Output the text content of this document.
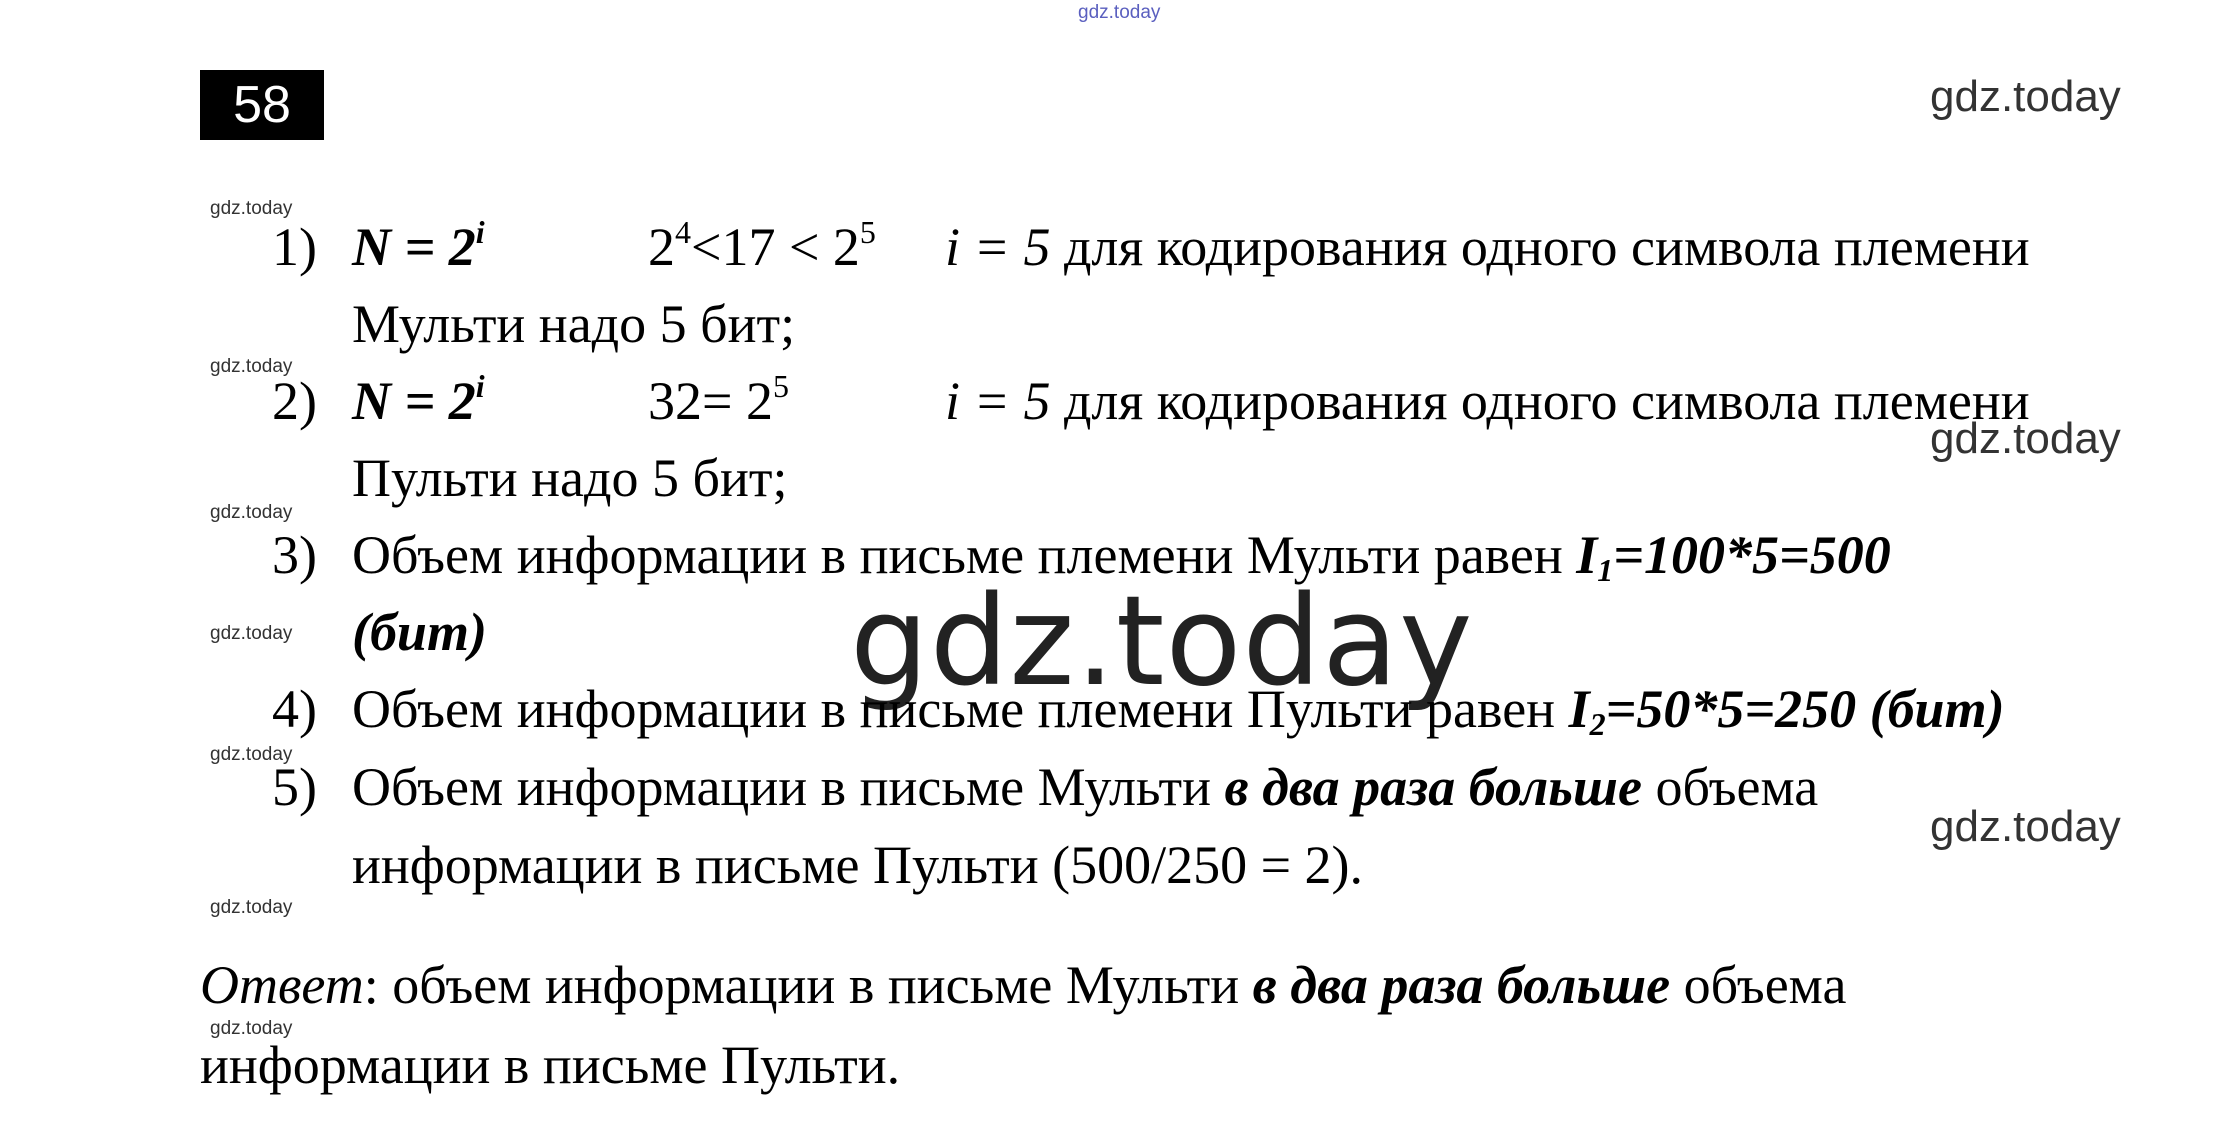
gdz.today
58	gdz.today
gdz.today
gdz.today
gdz.today
gdz.today
gdz.today
gdz.today
gdz.today
1) $N = 2^i$	$2^4<17 < 2^5$ i = 5 для кодирования одного символа племени
Мульти надо 5 бит;
2) $N = 2^i$	$32= 2^5$	i = 5 для кодирования одного символа племени
Пульти надо 5 бит;
gdz.today
3) Объем информации в письме племени Мульти равен $I_1=100*5=500$
(бит)	gdz.today
4) Объем информации в письме племени Пульти равен $I_2=50*5=250$ (бит)
5) Объем информации в письме Мульти в два раза больше объема
информации в письме Пульти (500/250 = 2).
gdz.today
Ответ: объем информации в письме Мульти в два раза больше объема
информации в письме Пульти.
